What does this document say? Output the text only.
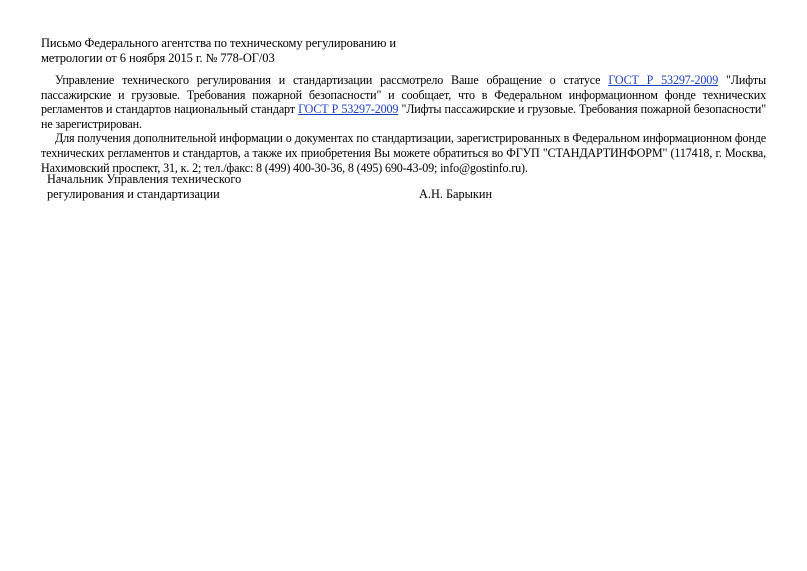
Письмо Федерального агентства по техническому регулированию и
метрологии от 6 ноября 2015 г. № 778-ОГ/03

Управление технического регулирования и стандартизации рассмотрело Ваше обращение о статусе ГОСТ Р 53297-2009 "Лифты пассажирские и грузовые. Требования пожарной безопасности" и сообщает, что в Федеральном информационном фонде технических регламентов и стандартов национальный стандарт ГОСТ Р 53297-2009 "Лифты пассажирские и грузовые. Требования пожарной безопасности" не зарегистрирован.

Для получения дополнительной информации о документах по стандартизации, зарегистрированных в Федеральном информационном фонде технических регламентов и стандартов, а также их приобретения Вы можете обратиться во ФГУП "СТАНДАРТИНФОРМ" (117418, г. Москва, Нахимовский проспект, 31, к. 2; тел./факс: 8 (499) 400-30-36, 8 (495) 690-43-09; info@gostinfo.ru).

Начальник Управления технического
регулирования и стандартизации	А.Н. Барыкин
